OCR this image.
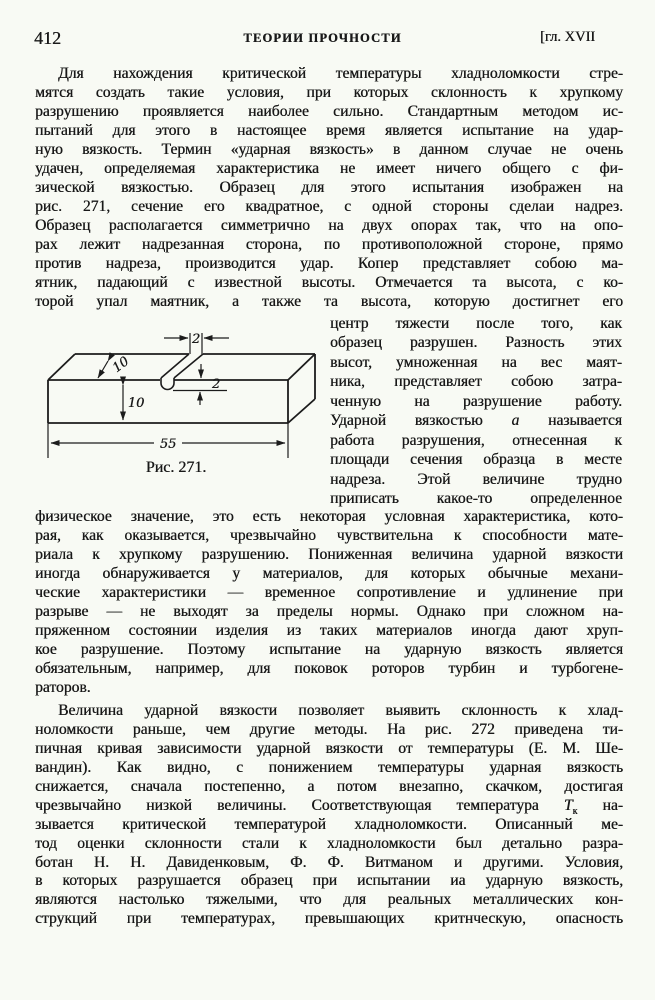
412	ТЕОРИИ ПРОЧНОСТИ	[гл. XVII
Для нахождения критической температуры хладноломкости стре-
мятся создать такие условия, при которых склонность к хрупкому
разрушению проявляется наиболее сильно. Стандартным методом ис-
пытаний для этого в настоящее время является испытание на удар-
ную вязкость. Термин «ударная вязкость» в данном случае не очень
удачен, определяемая характеристика не имеет ничего общего с фи-
зической вязкостью. Образец для этого испытания изображен на
рис. 271, сечение его квадратное, с одной стороны сделаи надрез.
Образец располагается симметрично на двух опорах так, что на опо-
рах лежит надрезанная сторона, по противоположной стороне, прямо
против надреза, производится удар. Копер представляет собою ма-
ятник, падающий с известной высоты. Отмечается та высота, с ко-
торой упал маятник, а также та высота, которую достигнет его
2
10
10
2
55
Рис. 271.
центр тяжести после того, как
образец разрушен. Разность этих
высот, умноженная на вес маят-
ника, представляет собою затра-
ченную на разрушение работу.
Ударной вязкостью а называется
работа разрушения, отнесенная к
площади сечения образца в месте
надреза. Этой величине трудно
приписать какое-то определенное
физическое значение, это есть некоторая условная характеристика, кото-
рая, как оказывается, чрезвычайно чувствительна к способности мате-
риала к хрупкому разрушению. Пониженная величина ударной вязкости
иногда обнаруживается у материалов, для которых обычные механи-
ческие характеристики — временное сопротивление и удлинение при
разрыве — не выходят за пределы нормы. Однако при сложном на-
пряженном состоянии изделия из таких материалов иногда дают хруп-
кое разрушение. Поэтому испытание на ударную вязкость является
обязательным, например, для поковок роторов турбин и турбогене-
раторов.
Величина ударной вязкости позволяет выявить склонность к хлад-
ноломкости раньше, чем другие методы. На рис. 272 приведена ти-
пичная кривая зависимости ударной вязкости от температуры (Е. М. Ше-
вандин). Как видно, с понижением температуры ударная вязкость
снижается, сначала постепенно, а потом внезапно, скачком, достигая
чрезвычайно низкой величины. Соответствующая температура $Т_к$ на-
зывается критической температурой хладноломкости. Описанный ме-
тод оценки склонности стали к хладноломкости был детально разра-
ботан Н. Н. Давиденковым, Ф. Ф. Витманом и другими. Условия,
в которых разрушается образец при испытании иа ударную вязкость,
являются настолько тяжелыми, что для реальных металлических кон-
струкций при температурах, превышающих критнческую, опасность
